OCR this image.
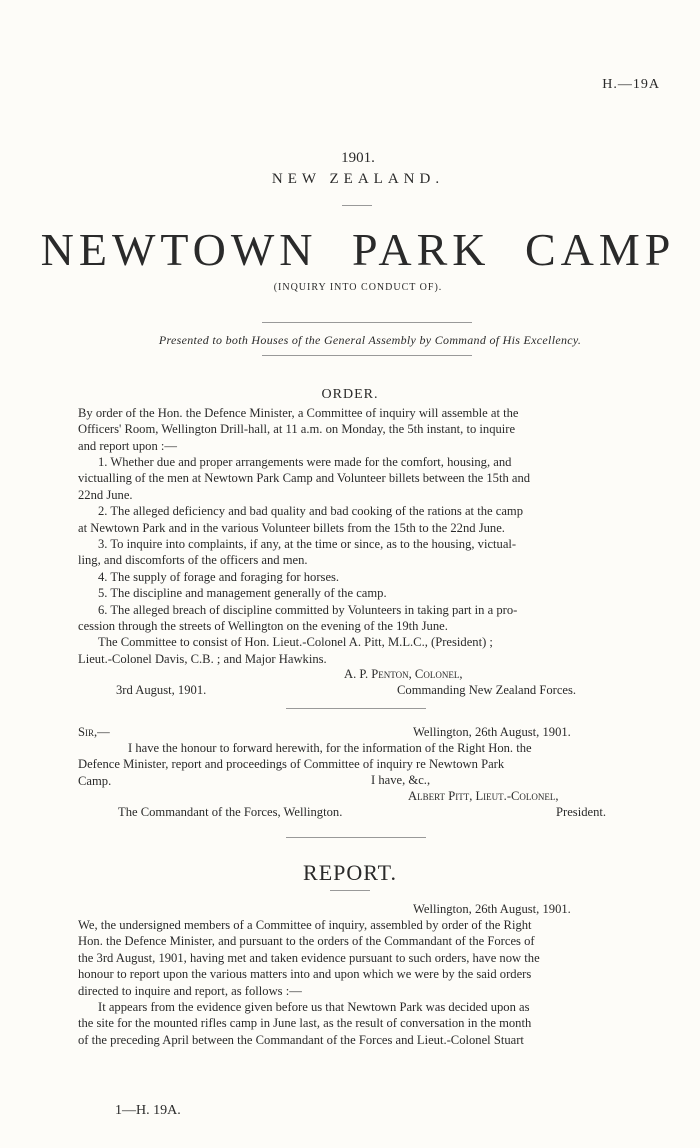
H.—19A
1901.
NEW ZEALAND.
NEWTOWN PARK CAMP
(INQUIRY INTO CONDUCT OF).
Presented to both Houses of the General Assembly by Command of His Excellency.
ORDER.
By order of the Hon. the Defence Minister, a Committee of inquiry will assemble at the
Officers' Room, Wellington Drill-hall, at 11 a.m. on Monday, the 5th instant, to inquire
and report upon :—
1. Whether due and proper arrangements were made for the comfort, housing, and
victualling of the men at Newtown Park Camp and Volunteer billets between the 15th and
22nd June.
2. The alleged deficiency and bad quality and bad cooking of the rations at the camp
at Newtown Park and in the various Volunteer billets from the 15th to the 22nd June.
3. To inquire into complaints, if any, at the time or since, as to the housing, victual-
ling, and discomforts of the officers and men.
4. The supply of forage and foraging for horses.
5. The discipline and management generally of the camp.
6. The alleged breach of discipline committed by Volunteers in taking part in a pro-
cession through the streets of Wellington on the evening of the 19th June.
The Committee to consist of Hon. Lieut.-Colonel A. Pitt, M.L.C., (President) ;
Lieut.-Colonel Davis, C.B. ; and Major Hawkins.
A. P. Penton, Colonel,
3rd August, 1901.	Commanding New Zealand Forces.
Sir,—	Wellington, 26th August, 1901.
I have the honour to forward herewith, for the information of the Right Hon. the
Defence Minister, report and proceedings of Committee of inquiry re Newtown Park
Camp.	I have, &c.,
Albert Pitt, Lieut.-Colonel,
The Commandant of the Forces, Wellington.	President.
REPORT.
Wellington, 26th August, 1901.
We, the undersigned members of a Committee of inquiry, assembled by order of the Right
Hon. the Defence Minister, and pursuant to the orders of the Commandant of the Forces of
the 3rd August, 1901, having met and taken evidence pursuant to such orders, have now the
honour to report upon the various matters into and upon which we were by the said orders
directed to inquire and report, as follows :—
It appears from the evidence given before us that Newtown Park was decided upon as
the site for the mounted rifles camp in June last, as the result of conversation in the month
of the preceding April between the Commandant of the Forces and Lieut.-Colonel Stuart
1—H. 19A.
